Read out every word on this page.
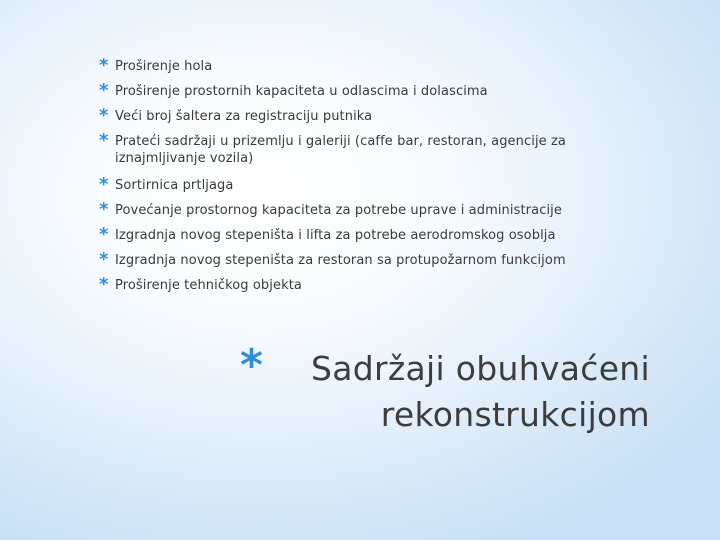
* Proširenje hola
* Proširenje prostornih kapaciteta u odlascima i dolascima
* Veći broj šaltera za registraciju putnika
* Prateći sadržaji u prizemlju i galeriji (caffe bar, restoran, agencije za iznajmljivanje vozila)
* Sortirnica prtljaga
* Povećanje prostornog kapaciteta za potrebe uprave i administracije
* Izgradnja novog stepeništa i lifta za potrebe aerodromskog osoblja
* Izgradnja novog stepeništa za restoran sa protupožarnom funkcijom
* Proširenje tehničkog objekta
*	Sadržaji obuhvaćeni rekonstrukcijom
